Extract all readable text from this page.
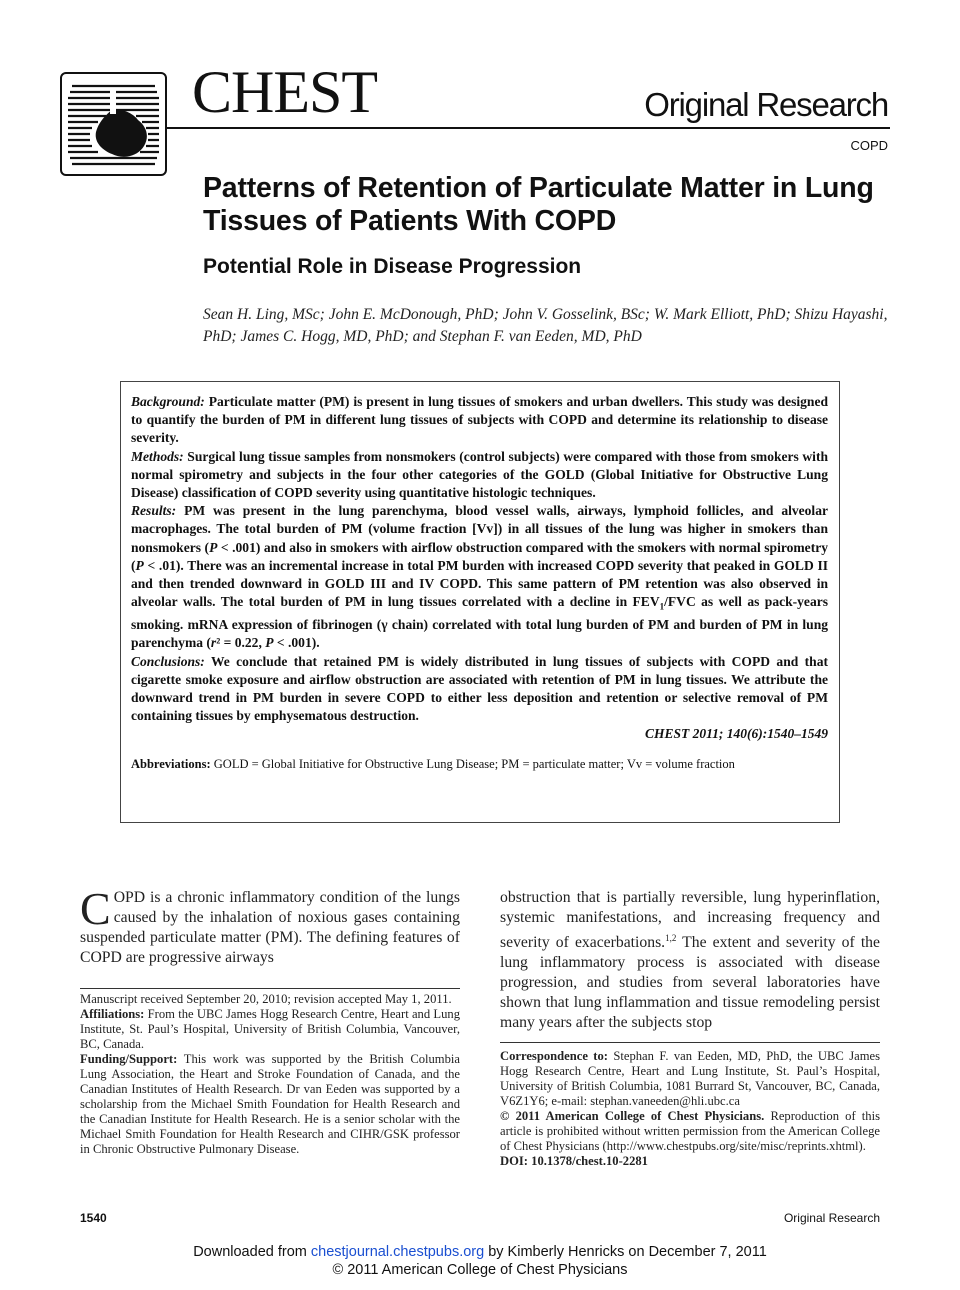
CHEST	Original Research
COPD
Patterns of Retention of Particulate Matter in Lung Tissues of Patients With COPD
Potential Role in Disease Progression
Sean H. Ling, MSc; John E. McDonough, PhD; John V. Gosselink, BSc; W. Mark Elliott, PhD; Shizu Hayashi, PhD; James C. Hogg, MD, PhD; and Stephan F. van Eeden, MD, PhD

Background: Particulate matter (PM) is present in lung tissues of smokers and urban dwellers. This study was designed to quantify the burden of PM in different lung tissues of subjects with COPD and determine its relationship to disease severity.

Methods: Surgical lung tissue samples from nonsmokers (control subjects) were compared with those from smokers with normal spirometry and subjects in the four other categories of the GOLD (Global Initiative for Obstructive Lung Disease) classification of COPD severity using quantitative histologic techniques.

Results: PM was present in the lung parenchyma, blood vessel walls, airways, lymphoid follicles, and alveolar macrophages. The total burden of PM (volume fraction [Vv]) in all tissues of the lung was higher in smokers than nonsmokers (P < .001) and also in smokers with airflow obstruction compared with the smokers with normal spirometry (P < .01). There was an incremental increase in total PM burden with increased COPD severity that peaked in GOLD II and then trended downward in GOLD III and IV COPD. This same pattern of PM retention was also observed in alveolar walls. The total burden of PM in lung tissues correlated with a decline in $FEV_1$/FVC as well as pack-years smoking. mRNA expression of fibrinogen (γ chain) correlated with total lung burden of PM and burden of PM in lung parenchyma (r² = 0.22, P < .001).

Conclusions: We conclude that retained PM is widely distributed in lung tissues of subjects with COPD and that cigarette smoke exposure and airflow obstruction are associated with retention of PM in lung tissues. We attribute the downward trend in PM burden in severe COPD to either less deposition and retention or selective removal of PM containing tissues by emphysematous destruction.

CHEST 2011; 140(6):1540–1549
Abbreviations: GOLD = Global Initiative for Obstructive Lung Disease; PM = particulate matter; Vv = volume fraction
COPD is a chronic inflammatory condition of the lungs caused by the inhalation of noxious gases containing suspended particulate matter (PM). The defining features of COPD are progressive airways

Manuscript received September 20, 2010; revision accepted May 1, 2011.

Affiliations: From the UBC James Hogg Research Centre, Heart and Lung Institute, St. Paul’s Hospital, University of British Columbia, Vancouver, BC, Canada.

Funding/Support: This work was supported by the British Columbia Lung Association, the Heart and Stroke Foundation of Canada, and the Canadian Institutes of Health Research. Dr van Eeden was supported by a scholarship from the Michael Smith Foundation for Health Research and the Canadian Institute for Health Research. He is a senior scholar with the Michael Smith Foundation for Health Research and CIHR/GSK professor in Chronic Obstructive Pulmonary Disease.

obstruction that is partially reversible, lung hyperinflation, systemic manifestations, and increasing frequency and severity of exacerbations.$^{1,2}$ The extent and severity of the lung inflammatory process is associated with disease progression, and studies from several laboratories have shown that lung inflammation and tissue remodeling persist many years after the subjects stop

Correspondence to: Stephan F. van Eeden, MD, PhD, the UBC James Hogg Research Centre, Heart and Lung Institute, St. Paul’s Hospital, University of British Columbia, 1081 Burrard St, Vancouver, BC, Canada, V6Z1Y6; e-mail: stephan.vaneeden@hli.ubc.ca

© 2011 American College of Chest Physicians. Reproduction of this article is prohibited without written permission from the American College of Chest Physicians (http://www.chestpubs.org/site/misc/reprints.xhtml).

DOI: 10.1378/chest.10-2281

1540	Original Research
Downloaded from chestjournal.chestpubs.org by Kimberly Henricks on December 7, 2011
© 2011 American College of Chest Physicians
